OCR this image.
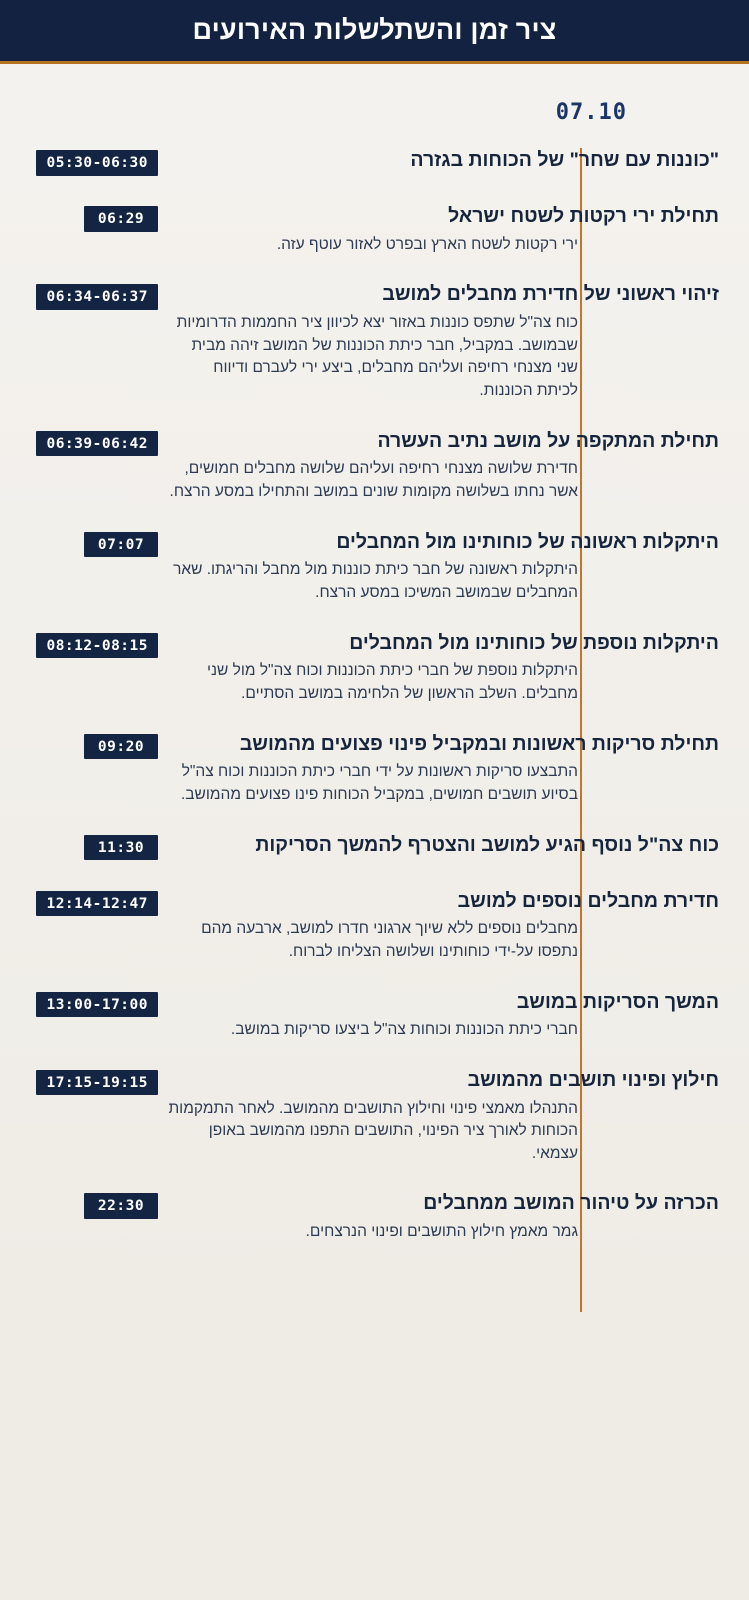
ציר זמן והשתלשלות האירועים
07.10

"כוננות עם שחר" של הכוחות בגזרה

05:30-06:30

תחילת ירי רקטות לשטח ישראל

ירי רקטות לשטח הארץ ובפרט לאזור עוטף עזה.

06:29

זיהוי ראשוני של חדירת מחבלים למושב

כוח צה"ל שתפס כוננות באזור יצא לכיוון ציר החממות הדרומיות שבמושב. במקביל, חבר כיתת הכוננות של המושב זיהה מבית שני מצנחי רחיפה ועליהם מחבלים, ביצע ירי לעברם ודיווח לכיתת הכוננות.

06:34-06:37

תחילת המתקפה על מושב נתיב העשרה

חדירת שלושה מצנחי רחיפה ועליהם שלושה מחבלים חמושים, אשר נחתו בשלושה מקומות שונים במושב והתחילו במסע הרצח.

06:39-06:42

היתקלות ראשונה של כוחותינו מול המחבלים

היתקלות ראשונה של חבר כיתת כוננות מול מחבל והריגתו. שאר המחבלים שבמושב המשיכו במסע הרצח.

07:07

היתקלות נוספת של כוחותינו מול המחבלים

היתקלות נוספת של חברי כיתת הכוננות וכוח צה"ל מול שני מחבלים. השלב הראשון של הלחימה במושב הסתיים.

08:12-08:15

תחילת סריקות ראשונות ובמקביל פינוי פצועים מהמושב

התבצעו סריקות ראשונות על ידי חברי כיתת הכוננות וכוח צה"ל בסיוע תושבים חמושים, במקביל הכוחות פינו פצועים מהמושב.

09:20

כוח צה"ל נוסף הגיע למושב והצטרף להמשך הסריקות

11:30

חדירת מחבלים נוספים למושב

מחבלים נוספים ללא שיוך ארגוני חדרו למושב, ארבעה מהם נתפסו על-ידי כוחותינו ושלושה הצליחו לברוח.

12:14-12:47

המשך הסריקות במושב

חברי כיתת הכוננות וכוחות צה"ל ביצעו סריקות במושב.

13:00-17:00

חילוץ ופינוי תושבים מהמושב

התנהלו מאמצי פינוי וחילוץ התושבים מהמושב. לאחר התמקמות הכוחות לאורך ציר הפינוי, התושבים התפנו מהמושב באופן עצמאי.

17:15-19:15

הכרזה על טיהור המושב ממחבלים

גמר מאמץ חילוץ התושבים ופינוי הנרצחים.

22:30
